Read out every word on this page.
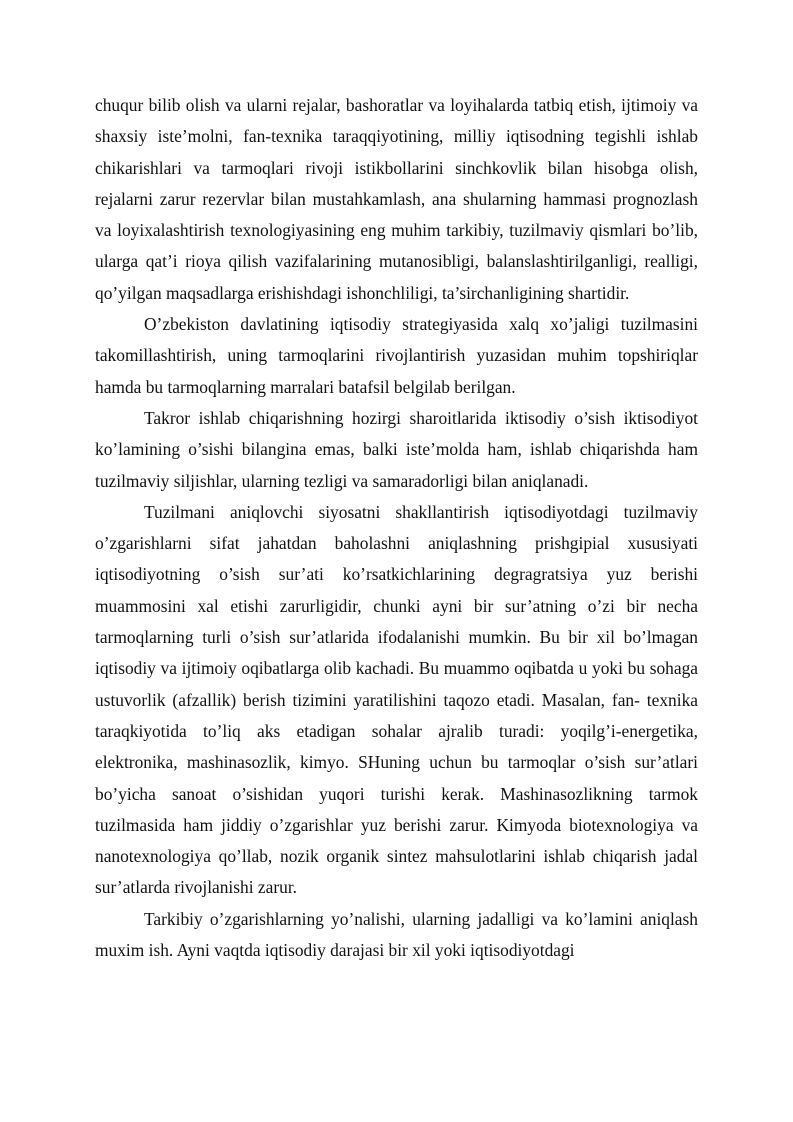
chuqur bilib olish va ularni rejalar, bashoratlar va loyihalarda tatbiq etish, ijtimoiy va shaxsiy iste’molni, fan-texnika taraqqiyotining, milliy iqtisodning tegishli ishlab chikarishlari va tarmoqlari rivoji istikbollarini sinchkovlik bilan hisobga olish, rejalarni zarur rezervlar bilan mustahkamlash, ana shularning hammasi prognozlash va loyixalashtirish texnologiyasining eng muhim tarkibiy, tuzilmaviy qismlari bo’lib, ularga qat’i rioya qilish vazifalarining mutanosibligi, balanslashtirilganligi, realligi, qo’yilgan maqsadlarga erishishdagi ishonchliligi, ta’sirchanligining shartidir.

O’zbekiston davlatining iqtisodiy strategiyasida xalq xo’jaligi tuzilmasini takomillashtirish, uning tarmoqlarini rivojlantirish yuzasidan muhim topshiriqlar hamda bu tarmoqlarning marralari batafsil belgilab berilgan.

Takror ishlab chiqarishning hozirgi sharoitlarida iktisodiy o’sish iktisodiyot ko’lamining o’sishi bilangina emas, balki iste’molda ham, ishlab chiqarishda ham tuzilmaviy siljishlar, ularning tezligi va samaradorligi bilan aniqlanadi.

Tuzilmani aniqlovchi siyosatni shakllantirish iqtisodiyotdagi tuzilmaviy o’zgarishlarni sifat jahatdan baholashni aniqlashning prishgipial xususiyati iqtisodiyotning o’sish sur’ati ko’rsatkichlarining degragratsiya yuz berishi muammosini xal etishi zarurligidir, chunki ayni bir sur’atning o’zi bir necha tarmoqlarning turli o’sish sur’atlarida ifodalanishi mumkin. Bu bir xil bo’lmagan iqtisodiy va ijtimoiy oqibatlarga olib kachadi. Bu muammo oqibatda u yoki bu sohaga ustuvorlik (afzallik) berish tizimini yaratilishini taqozo etadi. Masalan, fan- texnika taraqkiyotida to’liq aks etadigan sohalar ajralib turadi: yoqilg’i-energetika, elektronika, mashinasozlik, kimyo. SHuning uchun bu tarmoqlar o’sish sur’atlari bo’yicha sanoat o’sishidan yuqori turishi kerak. Mashinasozlikning tarmok tuzilmasida ham jiddiy o’zgarishlar yuz berishi zarur. Kimyoda biotexnologiya va nanotexnologiya qo’llab, nozik organik sintez mahsulotlarini ishlab chiqarish jadal sur’atlarda rivojlanishi zarur.

Tarkibiy o’zgarishlarning yo’nalishi, ularning jadalligi va ko’lamini aniqlash muxim ish. Ayni vaqtda iqtisodiy darajasi bir xil yoki iqtisodiyotdagi
